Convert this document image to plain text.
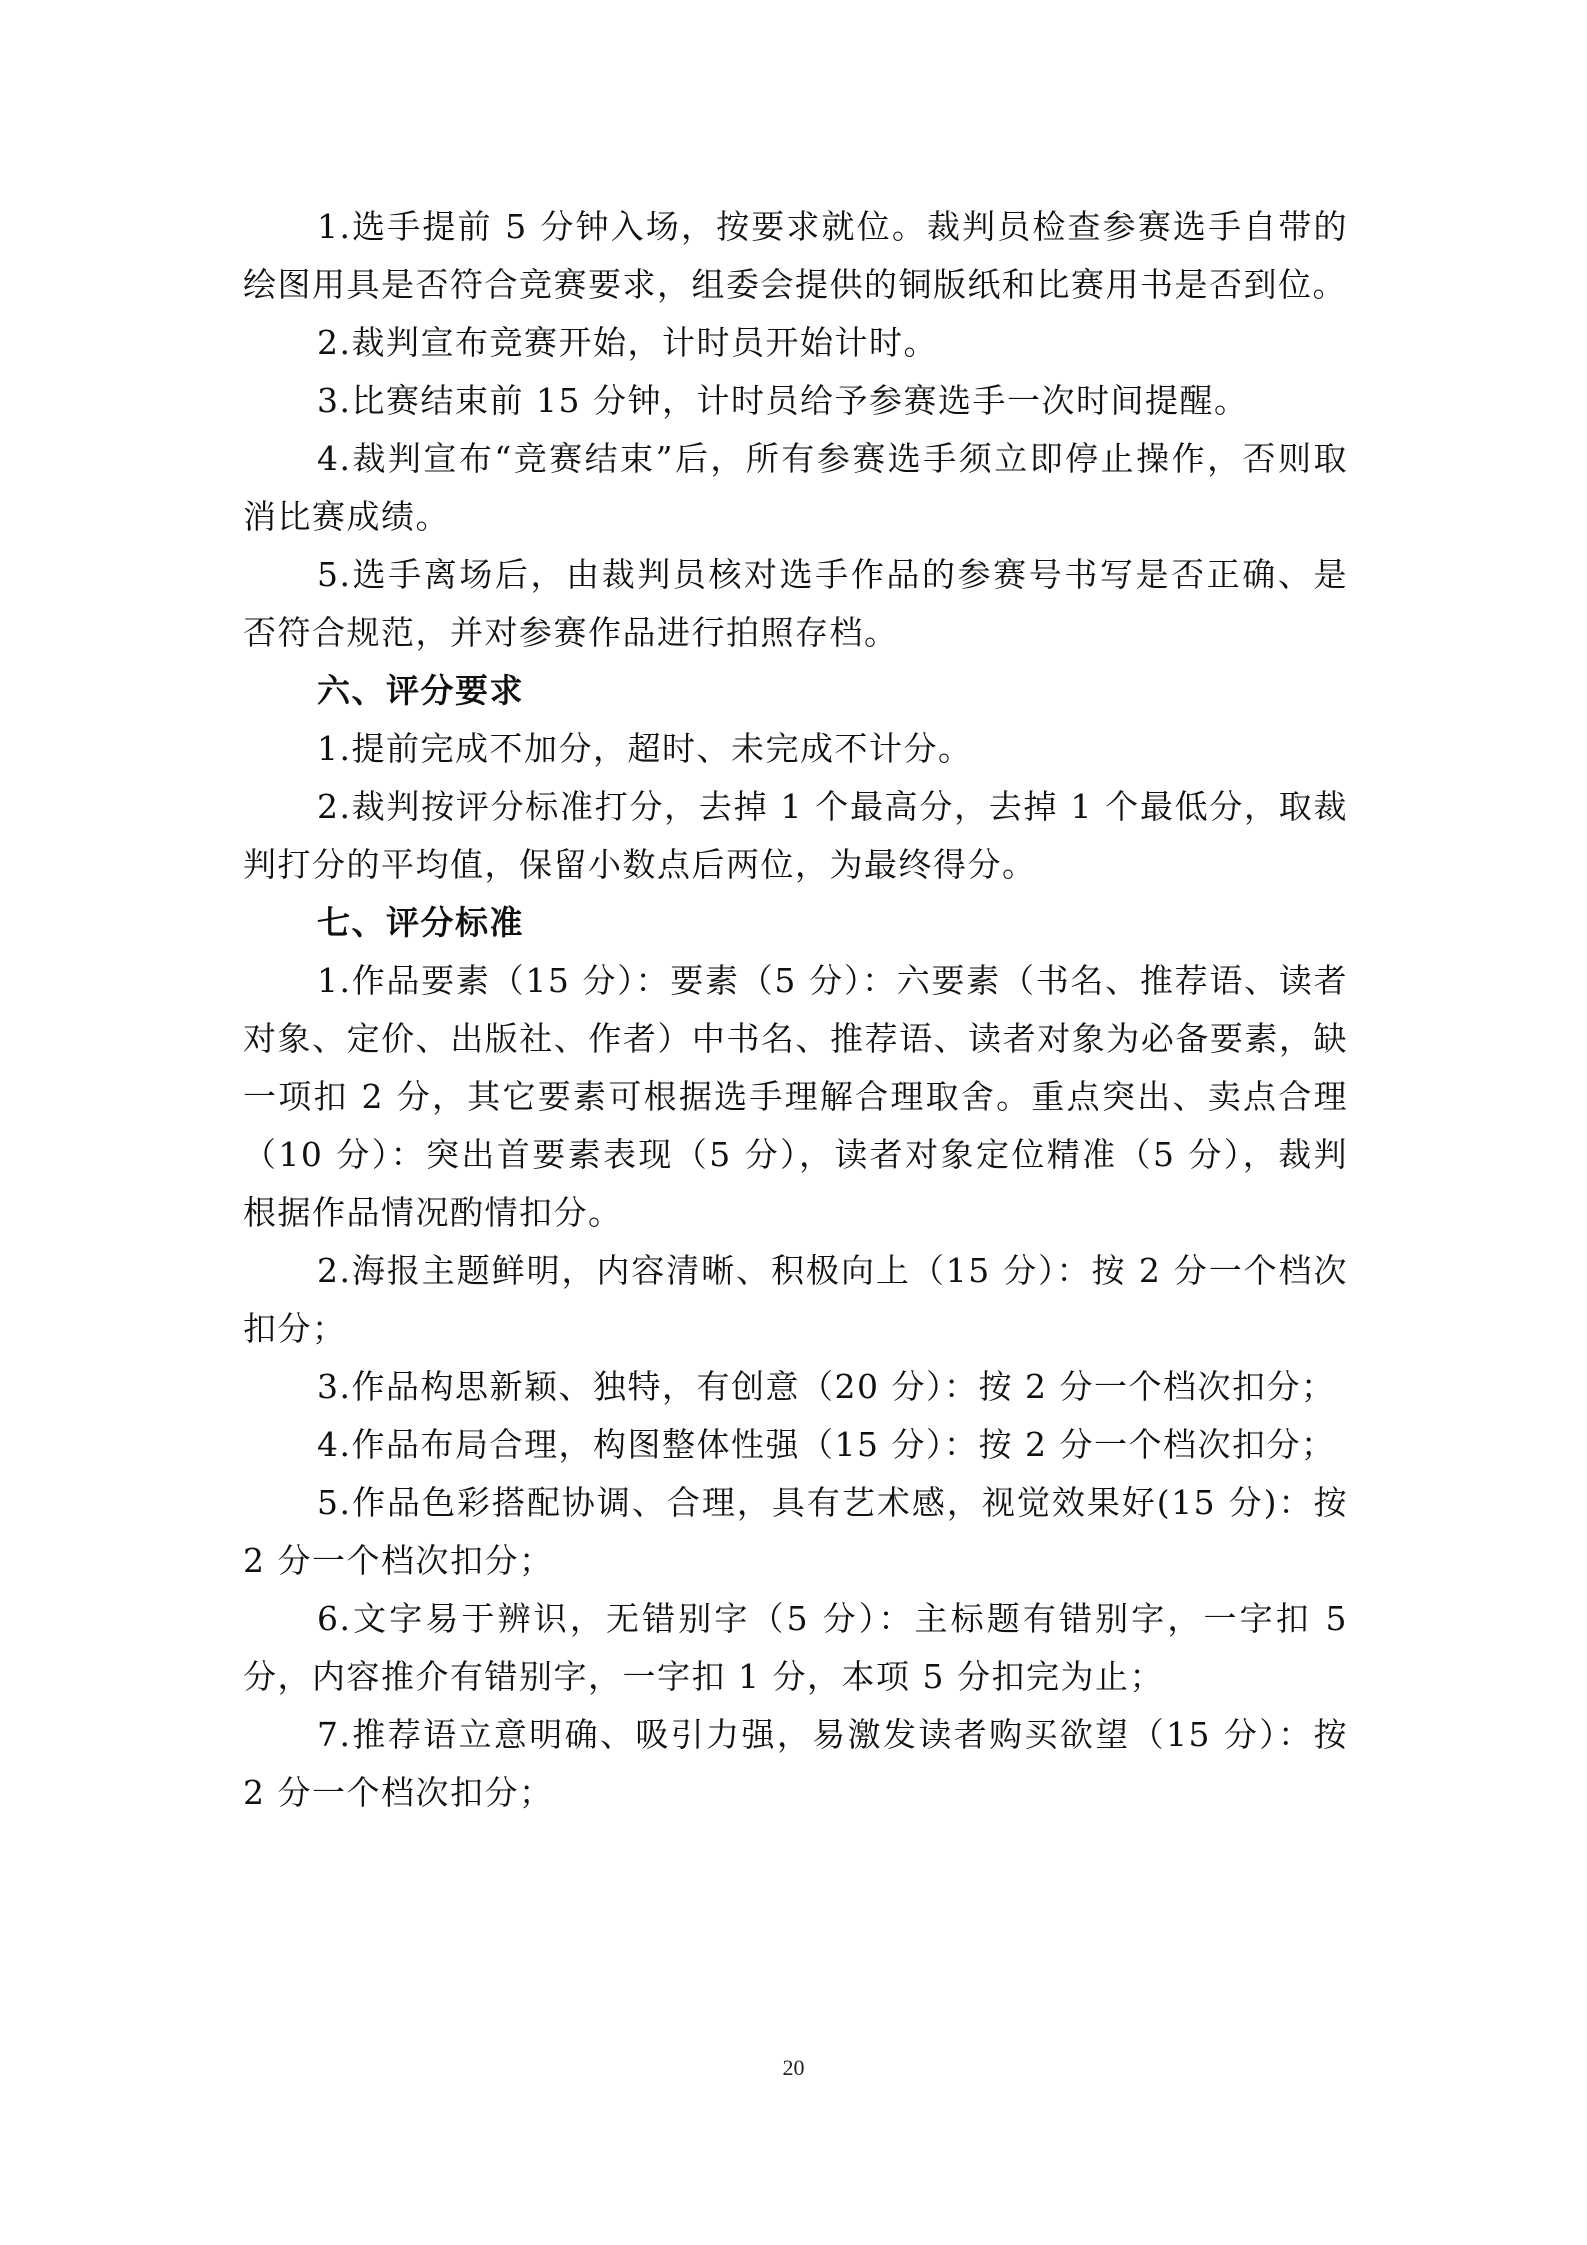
1.选手提前 5 分钟入场，按要求就位。裁判员检查参赛选手自带的绘图用具是否符合竞赛要求，组委会提供的铜版纸和比赛用书是否到位。

2.裁判宣布竞赛开始，计时员开始计时。

3.比赛结束前 15 分钟，计时员给予参赛选手一次时间提醒。

4.裁判宣布“竞赛结束”后，所有参赛选手须立即停止操作，否则取消比赛成绩。

5.选手离场后，由裁判员核对选手作品的参赛号书写是否正确、是否符合规范，并对参赛作品进行拍照存档。

六、评分要求

1.提前完成不加分，超时、未完成不计分。

2.裁判按评分标准打分，去掉 1 个最高分，去掉 1 个最低分，取裁判打分的平均值，保留小数点后两位，为最终得分。

七、评分标准

1.作品要素（15 分）：要素（5 分）：六要素（书名、推荐语、读者对象、定价、出版社、作者）中书名、推荐语、读者对象为必备要素，缺一项扣 2 分，其它要素可根据选手理解合理取舍。重点突出、卖点合理（10 分）：突出首要素表现（5 分），读者对象定位精准（5 分），裁判根据作品情况酌情扣分。

2.海报主题鲜明，内容清晰、积极向上（15 分）：按 2 分一个档次扣分；

3.作品构思新颖、独特，有创意（20 分）：按 2 分一个档次扣分；

4.作品布局合理，构图整体性强（15 分）：按 2 分一个档次扣分；

5.作品色彩搭配协调、合理，具有艺术感，视觉效果好(15 分)：按 2 分一个档次扣分；

6.文字易于辨识，无错别字（5 分）：主标题有错别字，一字扣 5 分，内容推介有错别字，一字扣 1 分，本项 5 分扣完为止；

7.推荐语立意明确、吸引力强，易激发读者购买欲望（15 分）：按 2 分一个档次扣分；

20
